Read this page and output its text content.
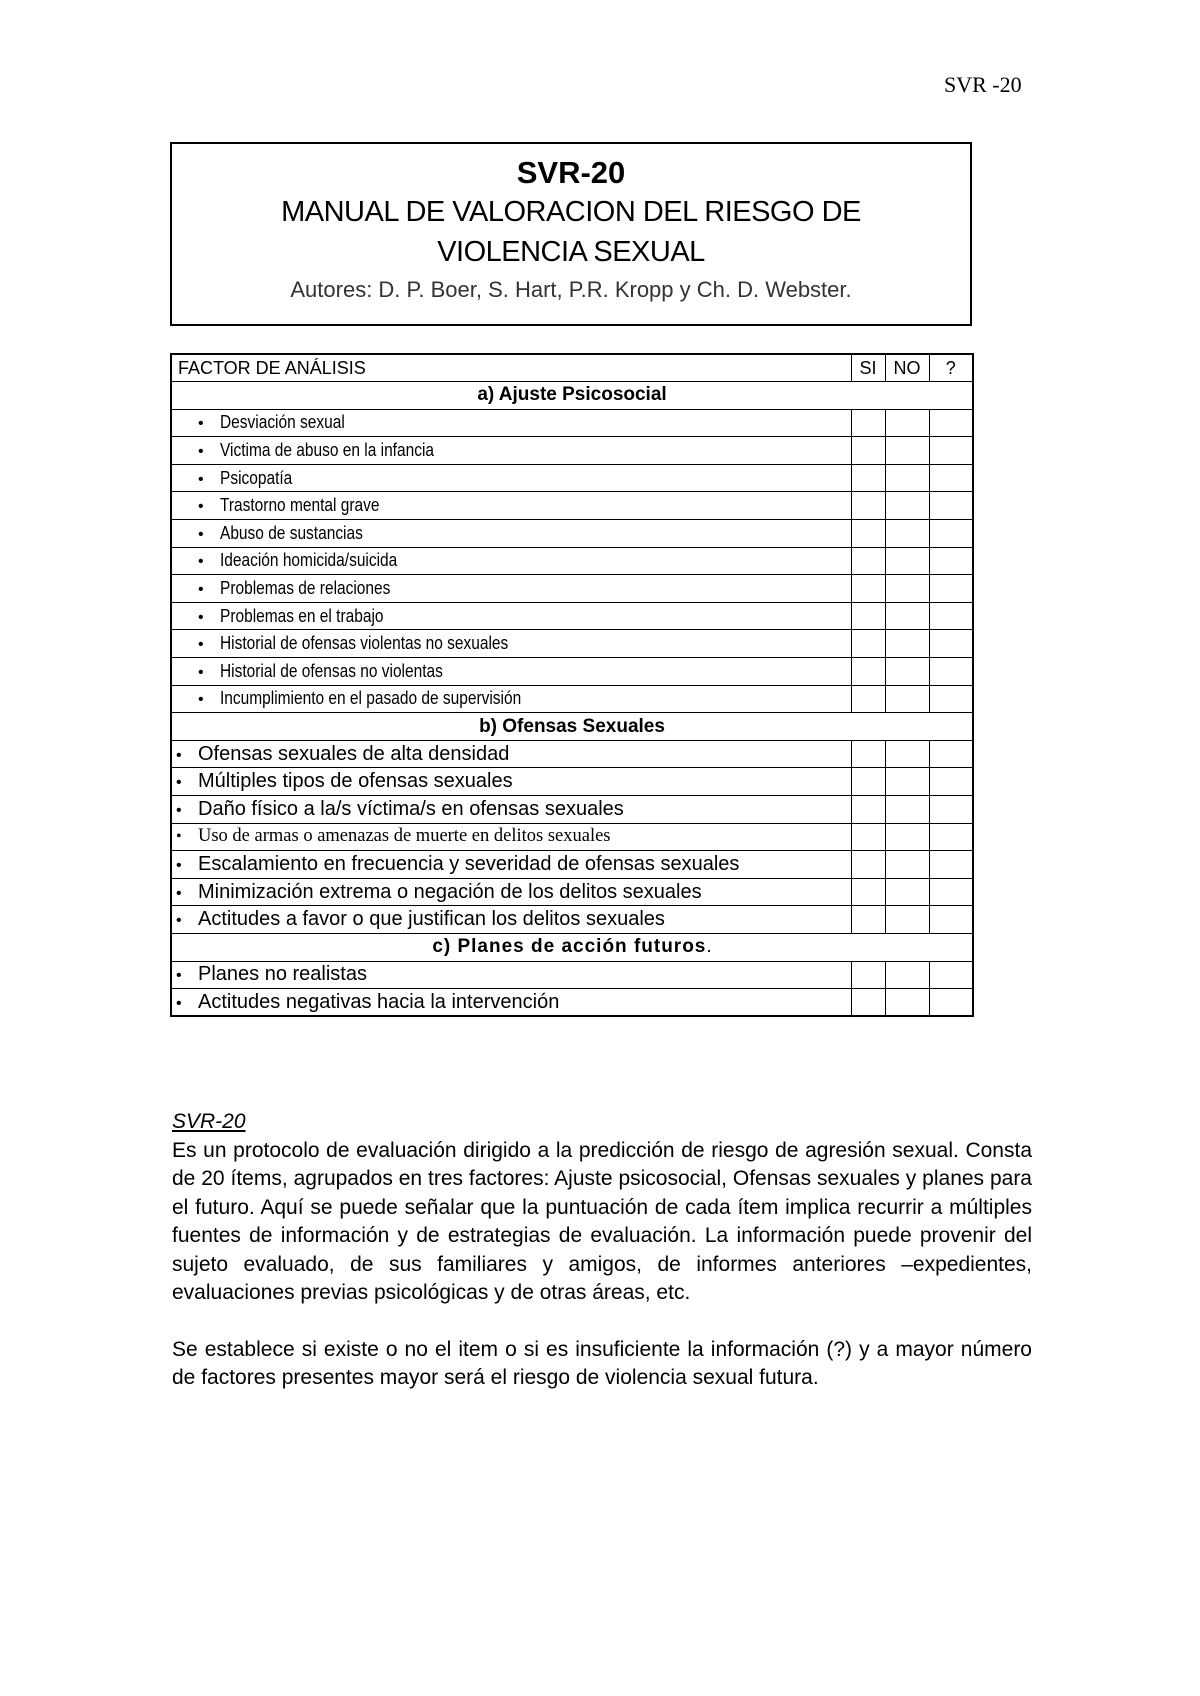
SVR -20
SVR-20
MANUAL DE VALORACION DEL RIESGO DE
VIOLENCIA SEXUAL
Autores: D. P. Boer, S. Hart, P.R. Kropp y Ch. D. Webster.
FACTOR DE ANÁLISIS	SI	NO	?
a) Ajuste Psicosocial			
• Desviación sexual			
• Victima de abuso en la infancia			
• Psicopatía			
• Trastorno mental grave			
• Abuso de sustancias			
• Ideación homicida/suicida			
• Problemas de relaciones			
• Problemas en el trabajo			
• Historial de ofensas violentas no sexuales			
• Historial de ofensas no violentas			
• Incumplimiento en el pasado de supervisión			
b) Ofensas Sexuales			
• Ofensas sexuales de alta densidad			
• Múltiples tipos de ofensas sexuales			
• Daño físico a la/s víctima/s en ofensas sexuales			
• Uso de armas o amenazas de muerte en delitos sexuales			
• Escalamiento en frecuencia y severidad de ofensas sexuales			
• Minimización extrema o negación de los delitos sexuales			
• Actitudes a favor o que justifican los delitos sexuales			
c) Planes de acción futuros.			
• Planes no realistas			
• Actitudes negativas hacia la intervención			
SVR-20

Es un protocolo de evaluación dirigido a la predicción de riesgo de agresión sexual. Consta de 20 ítems, agrupados en tres factores: Ajuste psicosocial, Ofensas sexuales y planes para el futuro. Aquí se puede señalar que la puntuación de cada ítem implica recurrir a múltiples fuentes de información y de estrategias de evaluación. La información puede provenir del sujeto evaluado, de sus familiares y amigos, de informes anteriores –expedientes, evaluaciones previas psicológicas y de otras áreas, etc.

Se establece si existe o no el item o si es insuficiente la información (?) y a mayor número de factores presentes mayor será el riesgo de violencia sexual futura.
